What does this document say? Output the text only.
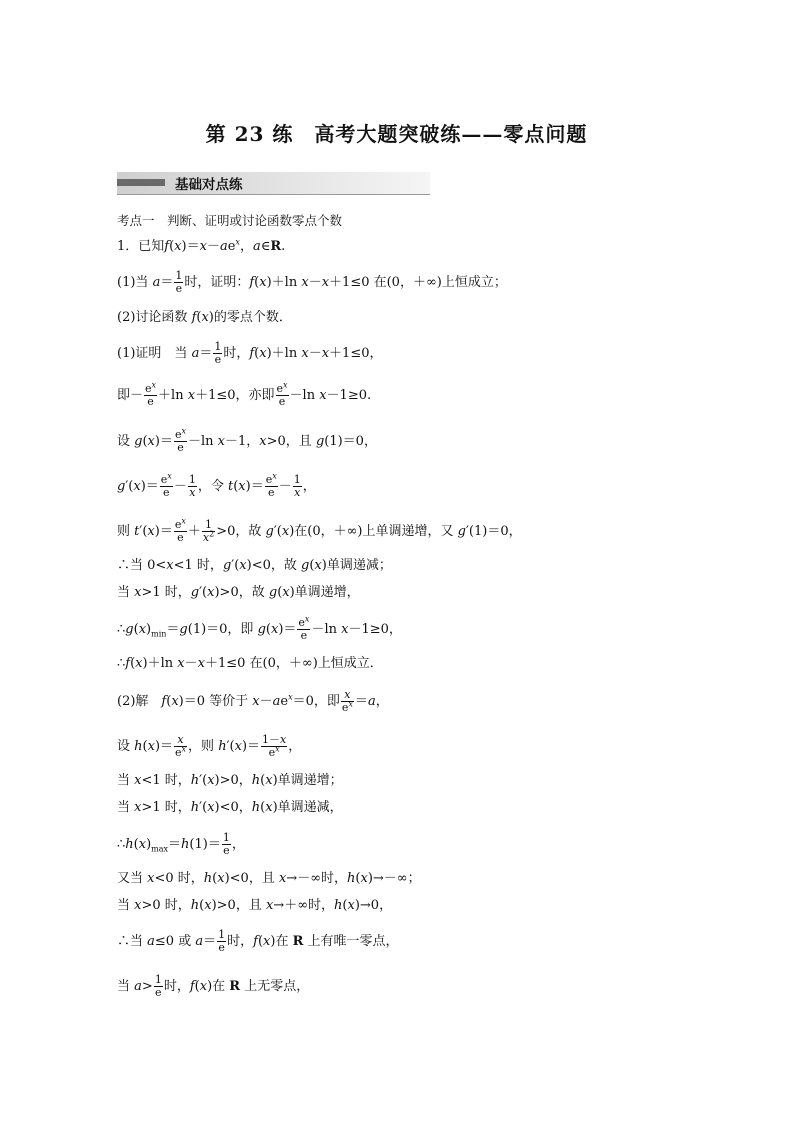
第 23 练　高考大题突破练——零点问题
基础对点练
考点一　判断、证明或讨论函数零点个数
1．已知$f(x)=x-ae^x$，a∈R.
(1)当 $a= \frac{1}{e}$ 时，证明：f(x)＋ln x－x＋1≤0 在(0，＋∞)上恒成立；
(2)讨论函数 f(x)的零点个数．
(1)证明　当 $a= \frac{1}{e}$ 时，f(x)＋ln x－x＋1≤0，
即－ $\frac{e^x}{e} +\ln$ x＋1≤0，亦即 $\frac{e^x}{e} -\ln$ x－1≥0.
设 $g(x)= \frac{e^x}{e} -\ln$ x－1，x>0，且 g(1)＝0，
$g'(x)= \frac{e^x}{e} - \frac{1}{x}$ ，令 $t(x)= \frac{e^x}{e} - \frac{1}{x}$ ，
则 $t'(x)= \frac{e^x}{e} + \frac{1}{x^2} >0$，故 g′(x)在(0，＋∞)上单调递增，又 g′(1)＝0，
∴当 0<x<1 时，g′(x)<0，故 g(x)单调递减；
当 x>1 时，g′(x)>0，故 g(x)单调递增，
$\therefore g(x)_{min}=g(1)=0$，即 $g(x)= \frac{e^x}{e} -\ln$ x－1≥0，
∴f(x)＋ln x－x＋1≤0 在(0，＋∞)上恒成立．
(2)解　f(x)＝0 等价于 $x-ae^x=0$，即 $\frac{x}{e^x} =a$，
设 $h(x)= \frac{x}{e^x}$ ，则 $h'(x)= \frac{1-x}{e^x}$ ，
当 x<1 时，h′(x)>0，h(x)单调递增；
当 x>1 时，h′(x)<0，h(x)单调递减，
$\therefore h(x)_{max}=h(1)= \frac{1}{e}$ ，
又当 x<0 时，h(x)<0，且 x→－∞时，h(x)→－∞；
当 x>0 时，h(x)>0，且 x→＋∞时，h(x)→0，
∴当 a≤0 或 $a= \frac{1}{e}$ 时，f(x)在 R 上有唯一零点，
当 $a> \frac{1}{e}$ 时，f(x)在 R 上无零点，
